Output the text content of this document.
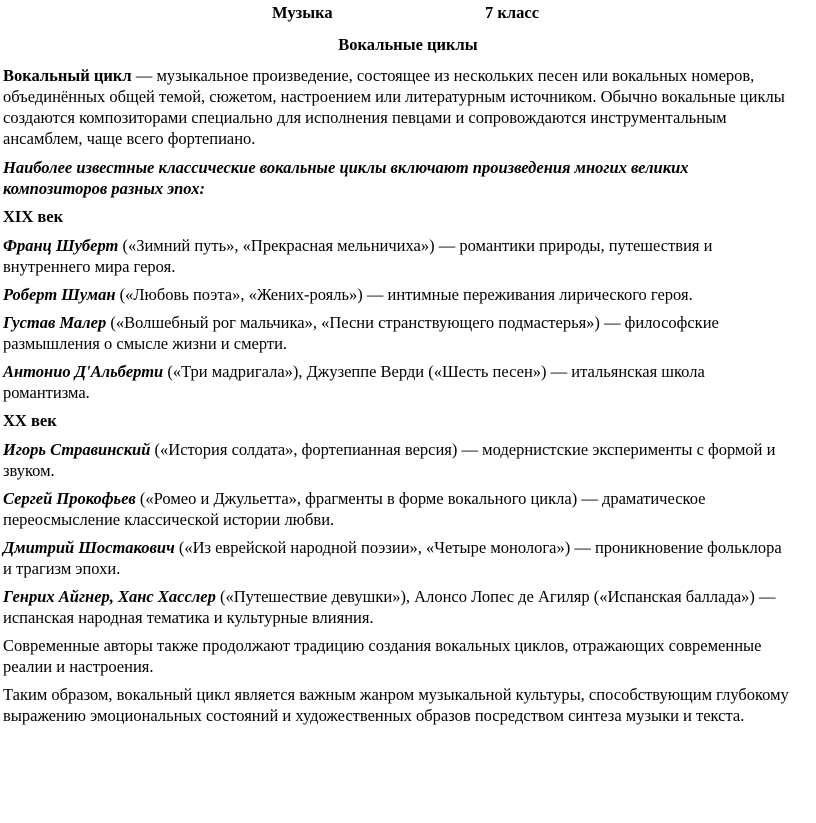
Музыка	7 класс
Вокальные циклы

Вокальный цикл — музыкальное произведение, состоящее из нескольких песен или вокальных номеров, объединённых общей темой, сюжетом, настроением или литературным источником. Обычно вокальные циклы создаются композиторами специально для исполнения певцами и сопровождаются инструментальным ансамблем, чаще всего фортепиано.

Наиболее известные классические вокальные циклы включают произведения многих великих композиторов разных эпох:

XIX век

Франц Шуберт («Зимний путь», «Прекрасная мельничиха») — романтики природы, путешествия и внутреннего мира героя.

Роберт Шуман («Любовь поэта», «Жених-рояль») — интимные переживания лирического героя.

Густав Малер («Волшебный рог мальчика», «Песни странствующего подмастерья») — философские размышления о смысле жизни и смерти.

Антонио Д'Альберти («Три мадригала»), Джузеппе Верди («Шесть песен») — итальянская школа романтизма.

XX век

Игорь Стравинский («История солдата», фортепианная версия) — модернистские эксперименты с формой и звуком.

Сергей Прокофьев («Ромео и Джульетта», фрагменты в форме вокального цикла) — драматическое переосмысление классической истории любви.

Дмитрий Шостакович («Из еврейской народной поэзии», «Четыре монолога») — проникновение фольклора и трагизм эпохи.

Генрих Айгнер, Ханс Хасслер («Путешествие девушки»), Алонсо Лопес де Агиляр («Испанская баллада») — испанская народная тематика и культурные влияния.

Современные авторы также продолжают традицию создания вокальных циклов, отражающих современные реалии и настроения.

Таким образом, вокальный цикл является важным жанром музыкальной культуры, способствующим глубокому выражению эмоциональных состояний и художественных образов посредством синтеза музыки и текста.
